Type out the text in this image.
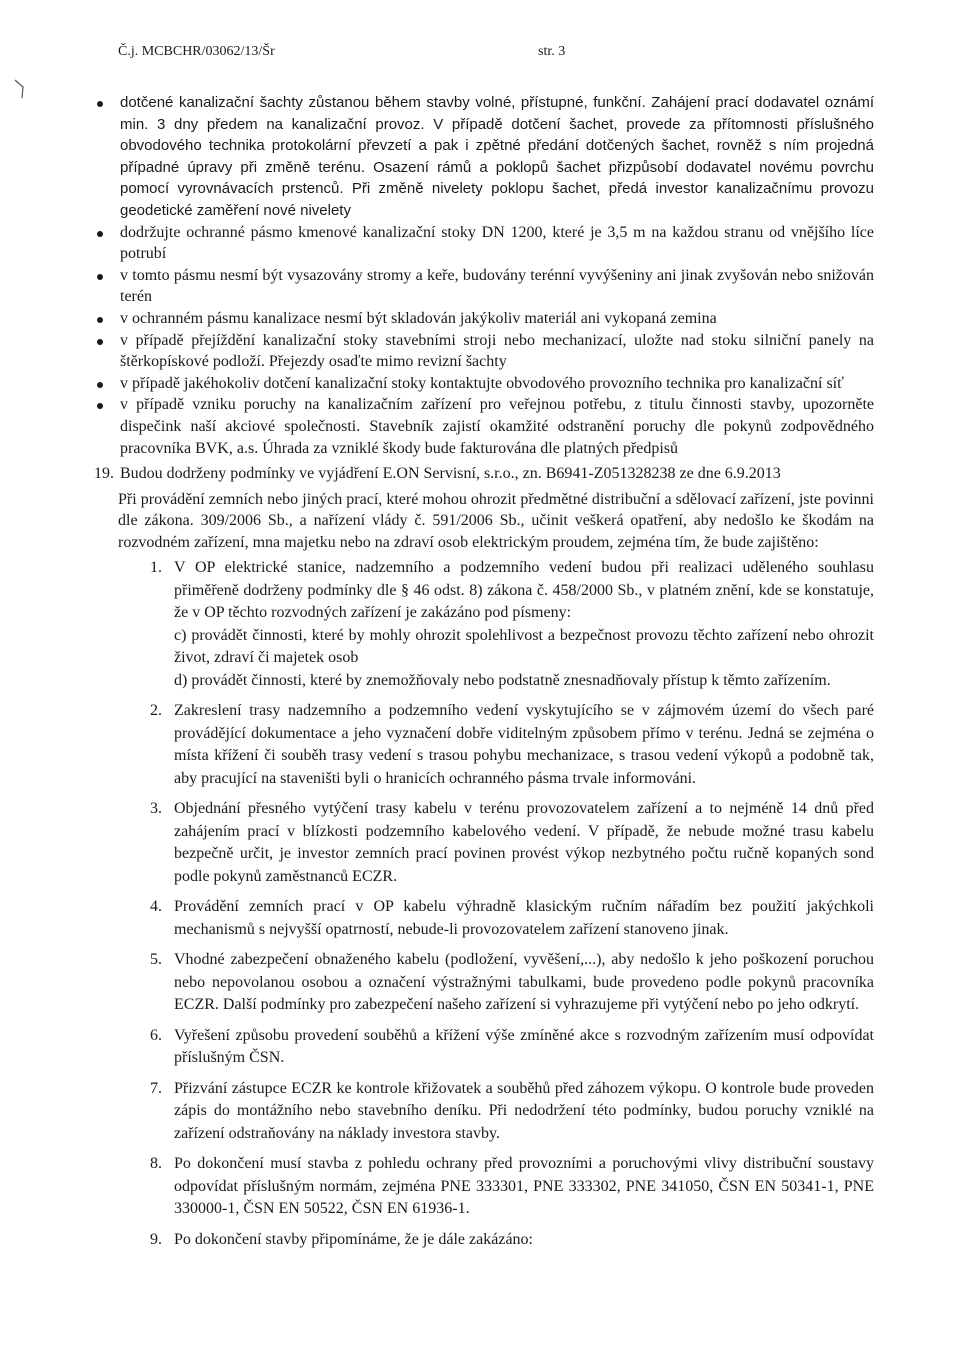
Č.j. MCBCHR/03062/13/Šr	str. 3
dotčené kanalizační šachty zůstanou během stavby volné, přístupné, funkční. Zahájení prací dodavatel oznámí min. 3 dny předem na kanalizační provoz. V případě dotčení šachet, provede za přítomnosti příslušného obvodového technika protokolární převzetí a pak i zpětné předání dotčených šachet, rovněž s ním projedná případné úpravy při změně terénu. Osazení rámů a poklopů šachet přizpůsobí dodavatel novému povrchu pomocí vyrovnávacích prstenců. Při změně nivelety poklopu šachet, předá investor kanalizačnímu provozu geodetické zaměření nové nivelety
dodržujte ochranné pásmo kmenové kanalizační stoky DN 1200, které je 3,5 m na každou stranu od vnějšího líce potrubí
v tomto pásmu nesmí být vysazovány stromy a keře, budovány terénní vyvýšeniny ani jinak zvyšován nebo snižován terén
v ochranném pásmu kanalizace nesmí být skladován jakýkoliv materiál ani vykopaná zemina
v případě přejíždění kanalizační stoky stavebními stroji nebo mechanizací, uložte nad stoku silniční panely na štěrkopískové podloží. Přejezdy osaďte mimo revizní šachty
v případě jakéhokoliv dotčení kanalizační stoky kontaktujte obvodového provozního technika pro kanalizační síť
v případě vzniku poruchy na kanalizačním zařízení pro veřejnou potřebu, z titulu činnosti stavby, upozorněte dispečink naší akciové společnosti. Stavebník zajistí okamžité odstranění poruchy dle pokynů zodpovědného pracovníka BVK, a.s. Úhrada za vzniklé škody bude fakturována dle platných předpisů
19. Budou dodrženy podmínky ve vyjádření E.ON Servisní, s.r.o., zn. B6941-Z051328238 ze dne 6.9.2013
Při provádění zemních nebo jiných prací, které mohou ohrozit předmětné distribuční a sdělovací zařízení, jste povinni dle zákona. 309/2006 Sb., a nařízení vlády č. 591/2006 Sb., učinit veškerá opatření, aby nedošlo ke škodám na rozvodném zařízení, mna majetku nebo na zdraví osob elektrickým proudem, zejména tím, že bude zajištěno:
1. V OP elektrické stanice, nadzemního a podzemního vedení budou při realizaci uděleného souhlasu přiměřeně dodrženy podmínky dle § 46 odst. 8) zákona č. 458/2000 Sb., v platném znění, kde se konstatuje, že v OP těchto rozvodných zařízení je zakázáno pod písmeny:
c) provádět činnosti, které by mohly ohrozit spolehlivost a bezpečnost provozu těchto zařízení nebo ohrozit život, zdraví či majetek osob
d) provádět činnosti, které by znemožňovaly nebo podstatně znesnadňovaly přístup k těmto zařízením.
2. Zakreslení trasy nadzemního a podzemního vedení vyskytujícího se v zájmovém území do všech paré provádějící dokumentace a jeho vyznačení dobře viditelným způsobem přímo v terénu. Jedná se zejména o místa křížení či souběh trasy vedení s trasou pohybu mechanizace, s trasou vedení výkopů a podobně tak, aby pracující na staveništi byli o hranicích ochranného pásma trvale informováni.
3. Objednání přesného vytýčení trasy kabelu v terénu provozovatelem zařízení a to nejméně 14 dnů před zahájením prací v blízkosti podzemního kabelového vedení. V případě, že nebude možné trasu kabelu bezpečně určit, je investor zemních prací povinen provést výkop nezbytného počtu ručně kopaných sond podle pokynů zaměstnanců ECZR.
4. Provádění zemních prací v OP kabelu výhradně klasickým ručním nářadím bez použití jakýchkoli mechanismů s nejvyšší opatrností, nebude-li provozovatelem zařízení stanoveno jinak.
5. Vhodné zabezpečení obnaženého kabelu (podložení, vyvěšení,...), aby nedošlo k jeho poškození poruchou nebo nepovolanou osobou a označení výstražnými tabulkami, bude provedeno podle pokynů pracovníka ECZR. Další podmínky pro zabezpečení našeho zařízení si vyhrazujeme při vytýčení nebo po jeho odkrytí.
6. Vyřešení způsobu provedení souběhů a křížení výše zmíněné akce s rozvodným zařízením musí odpovídat příslušným ČSN.
7. Přizvání zástupce ECZR ke kontrole křižovatek a souběhů před záhozem výkopu. O kontrole bude proveden zápis do montážního nebo stavebního deníku. Při nedodržení této podmínky, budou poruchy vzniklé na zařízení odstraňovány na náklady investora stavby.
8. Po dokončení musí stavba z pohledu ochrany před provozními a poruchovými vlivy distribuční soustavy odpovídat příslušným normám, zejména PNE 333301, PNE 333302, PNE 341050, ČSN EN 50341-1, PNE 330000-1, ČSN EN 50522, ČSN EN 61936-1.
9. Po dokončení stavby připomínáme, že je dále zakázáno:
